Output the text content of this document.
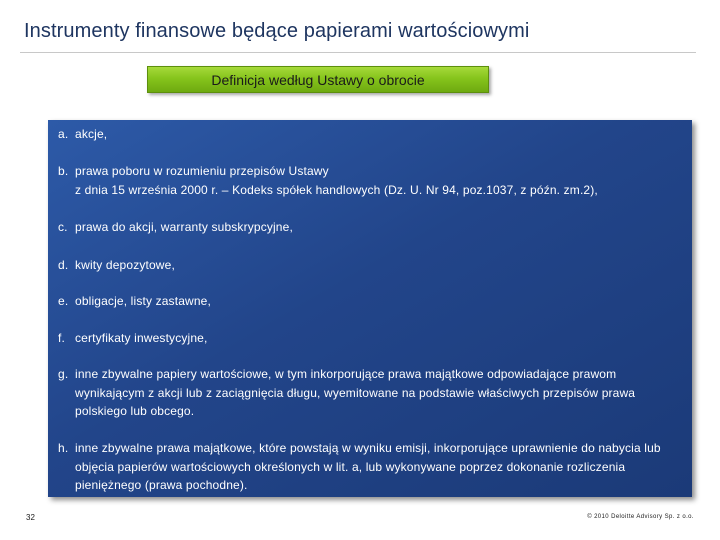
Instrumenty finansowe będące papierami wartościowymi
Definicja według Ustawy o obrocie
a. akcje,
b. prawa poboru w rozumieniu przepisów Ustawy
z dnia 15 września 2000 r. – Kodeks spółek handlowych (Dz. U. Nr 94, poz.1037, z późn. zm.2),
c. prawa do akcji, warranty subskrypcyjne,
d. kwity depozytowe,
e. obligacje, listy zastawne,
f. certyfikaty inwestycyjne,
g. inne zbywalne papiery wartościowe, w tym inkorporujące prawa majątkowe odpowiadające prawom wynikającym z akcji lub z zaciągnięcia długu, wyemitowane na podstawie właściwych przepisów prawa polskiego lub obcego.
h. inne zbywalne prawa majątkowe, które powstają w wyniku emisji, inkorporujące uprawnienie do nabycia lub objęcia papierów wartościowych określonych w lit. a, lub wykonywane poprzez dokonanie rozliczenia pieniężnego (prawa pochodne).
32	© 2010 Deloitte Advisory Sp. z o.o.
